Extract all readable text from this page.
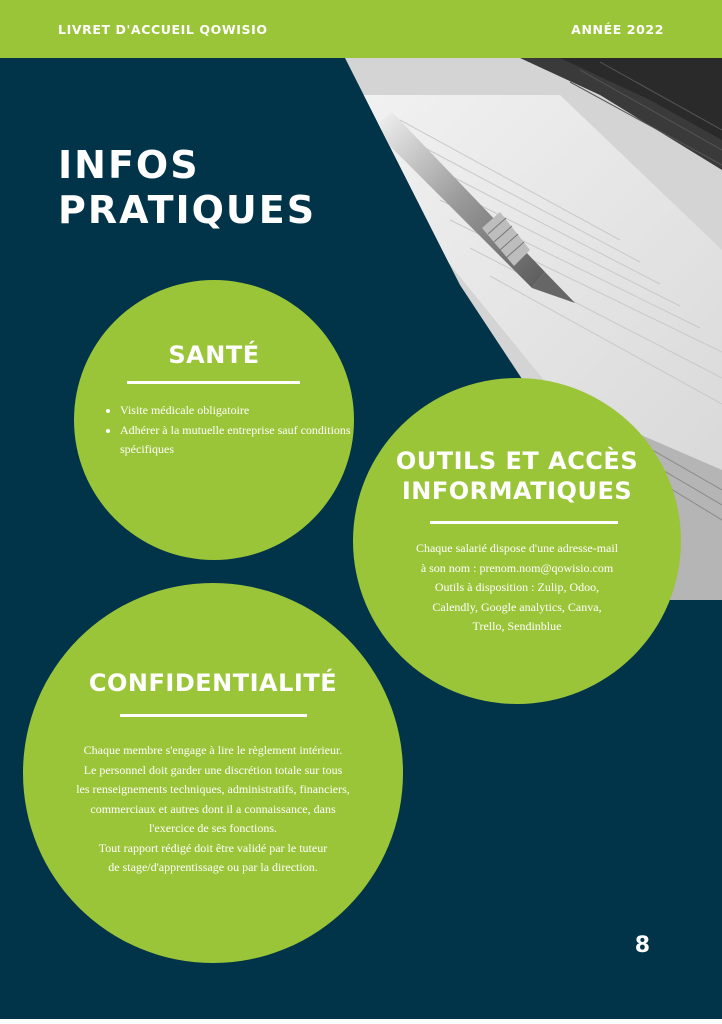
LIVRET D'ACCUEIL QOWISIO	ANNÉE 2022
INFOS
PRATIQUES
SANTÉ
• Visite médicale obligatoire
• Adhérer à la mutuelle entreprise sauf conditions spécifiques	OUTILS ET ACCÈS
INFORMATIQUES

Chaque salarié dispose d'une adresse-mail
à son nom : prenom.nom@qowisio.com
Outils à disposition : Zulip, Odoo,
Calendly, Google analytics, Canva,
Trello, Sendinblue

CONFIDENTIALITÉ

Chaque membre s'engage à lire le règlement intérieur.
Le personnel doit garder une discrétion totale sur tous
les renseignements techniques, administratifs, financiers,
commerciaux et autres dont il a connaissance, dans
l'exercice de ses fonctions.
Tout rapport rédigé doit être validé par le tuteur
de stage/d'apprentissage ou par la direction.

8
